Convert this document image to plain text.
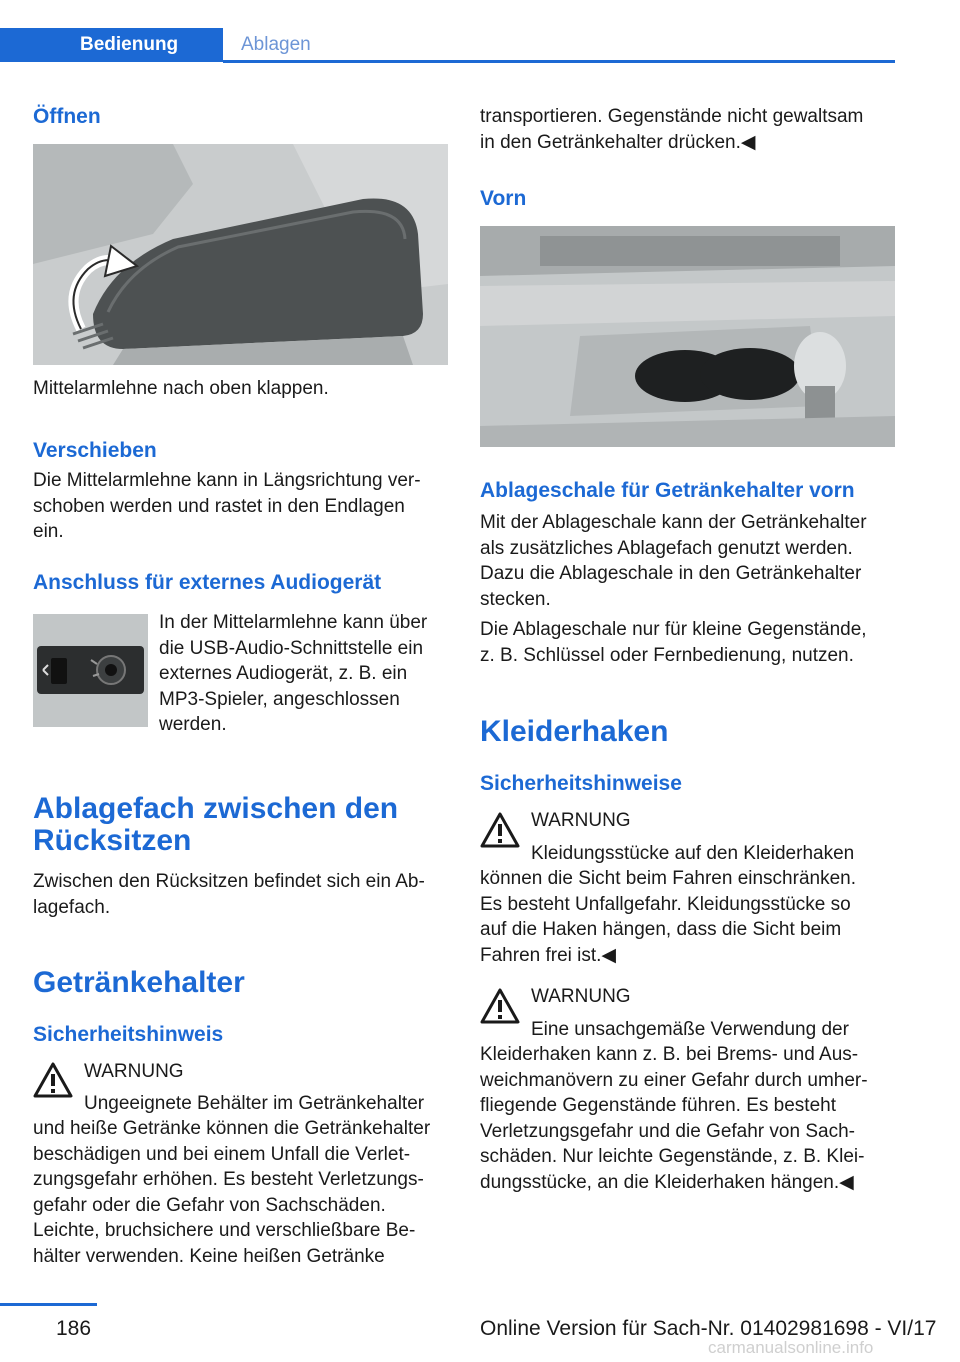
Bedienung	Ablagen
Öffnen

Mittelarmlehne nach oben klappen.

Verschieben

Die Mittelarmlehne kann in Längsrichtung ver-
schoben werden und rastet in den Endlagen
ein.

Anschluss für externes Audiogerät

In der Mittelarmlehne kann über
die USB-Audio-Schnittstelle ein
externes Audiogerät, z. B. ein
MP3-Spieler, angeschlossen
werden.

Ablagefach zwischen den
Rücksitzen

Zwischen den Rücksitzen befindet sich ein Ab-
lagefach.

Getränkehalter
Sicherheitshinweis
WARNUNG

Ungeeignete Behälter im Getränkehalter

und heiße Getränke können die Getränkehalter
beschädigen und bei einem Unfall die Verlet-
zungsgefahr erhöhen. Es besteht Verletzungs-
gefahr oder die Gefahr von Sachschäden.
Leichte, bruchsichere und verschließbare Be-
hälter verwenden. Keine heißen Getränke

transportieren. Gegenstände nicht gewaltsam
in den Getränkehalter drücken.◀

Vorn
Ablageschale für Getränkehalter vorn

Mit der Ablageschale kann der Getränkehalter
als zusätzliches Ablagefach genutzt werden.
Dazu die Ablageschale in den Getränkehalter
stecken.

Die Ablageschale nur für kleine Gegenstände,
z. B. Schlüssel oder Fernbedienung, nutzen.

Kleiderhaken
Sicherheitshinweise
WARNUNG

Kleidungsstücke auf den Kleiderhaken

können die Sicht beim Fahren einschränken.
Es besteht Unfallgefahr. Kleidungsstücke so
auf die Haken hängen, dass die Sicht beim
Fahren frei ist.◀

WARNUNG

Eine unsachgemäße Verwendung der

Kleiderhaken kann z. B. bei Brems- und Aus-
weichmanövern zu einer Gefahr durch umher-
fliegende Gegenstände führen. Es besteht
Verletzungsgefahr und die Gefahr von Sach-
schäden. Nur leichte Gegenstände, z. B. Klei-
dungsstücke, an die Kleiderhaken hängen.◀

186	Online Version für Sach-Nr. 01402981698 - VI/17
carmanualsonline.info
